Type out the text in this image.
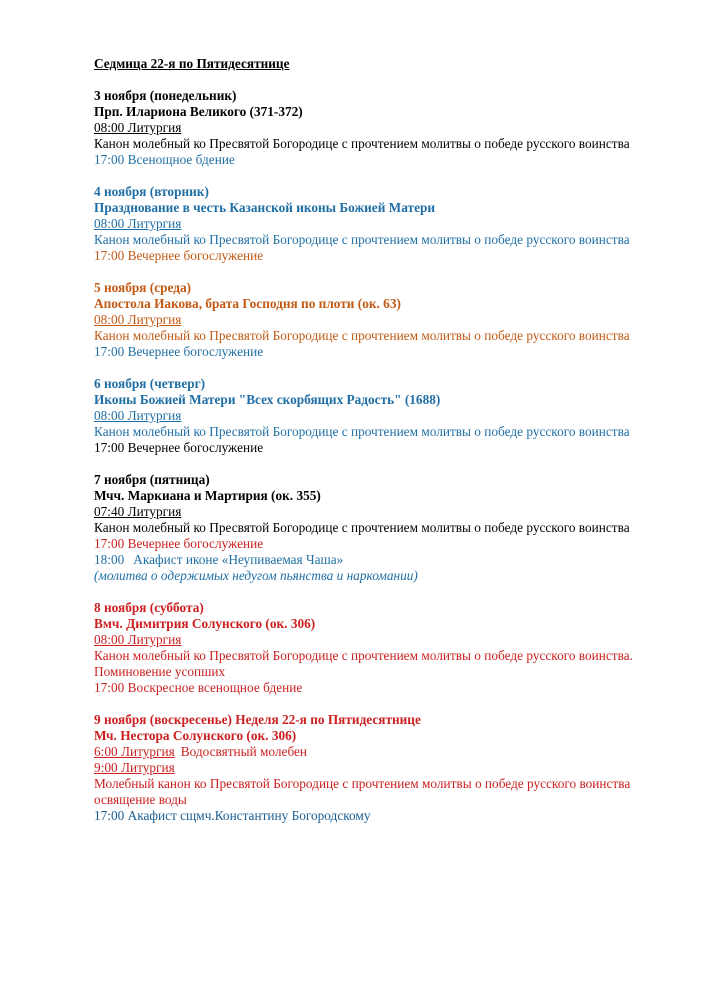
Седмица 22-я по Пятидесятнице
3 ноября (понедельник)
Прп. Илариона Великого (371-372)
08:00 Литургия
Канон молебный ко Пресвятой Богородице с прочтением молитвы о победе русского воинства
17:00 Всенощное бдение
4 ноября (вторник)
Празднование в честь Казанской иконы Божией Матери
08:00 Литургия
Канон молебный ко Пресвятой Богородице с прочтением молитвы о победе русского воинства
17:00 Вечернее богослужение
5 ноября (среда)
Апостола Иакова, брата Господня по плоти (ок. 63)
08:00 Литургия
Канон молебный ко Пресвятой Богородице с прочтением молитвы о победе русского воинства
17:00 Вечернее богослужение
6 ноября (четверг)
Иконы Божией Матери "Всех скорбящих Радость" (1688)
08:00 Литургия
Канон молебный ко Пресвятой Богородице с прочтением молитвы о победе русского воинства
17:00 Вечернее богослужение
7 ноября (пятница)
Мчч. Маркиана и Мартирия (ок. 355)
07:40 Литургия
Канон молебный ко Пресвятой Богородице с прочтением молитвы о победе русского воинства
17:00 Вечернее богослужение
18:00 Акафист иконе «Неупиваемая Чаша»
(молитва о одержимых недугом пьянства и наркомании)
8 ноября (суббота)
Вмч. Димитрия Солунского (ок. 306)
08:00 Литургия
Канон молебный ко Пресвятой Богородице с прочтением молитвы о победе русского воинства. Поминовение усопших
17:00 Воскресное всенощное бдение
9 ноября (воскресенье) Неделя 22-я по Пятидесятнице
Мч. Нестора Солунского (ок. 306)
6:00 Литургия Водосвятный молебен
9:00 Литургия
Молебный канон ко Пресвятой Богородице с прочтением молитвы о победе русского воинства освящение воды
17:00 Акафист сщмч.Константину Богородскому
